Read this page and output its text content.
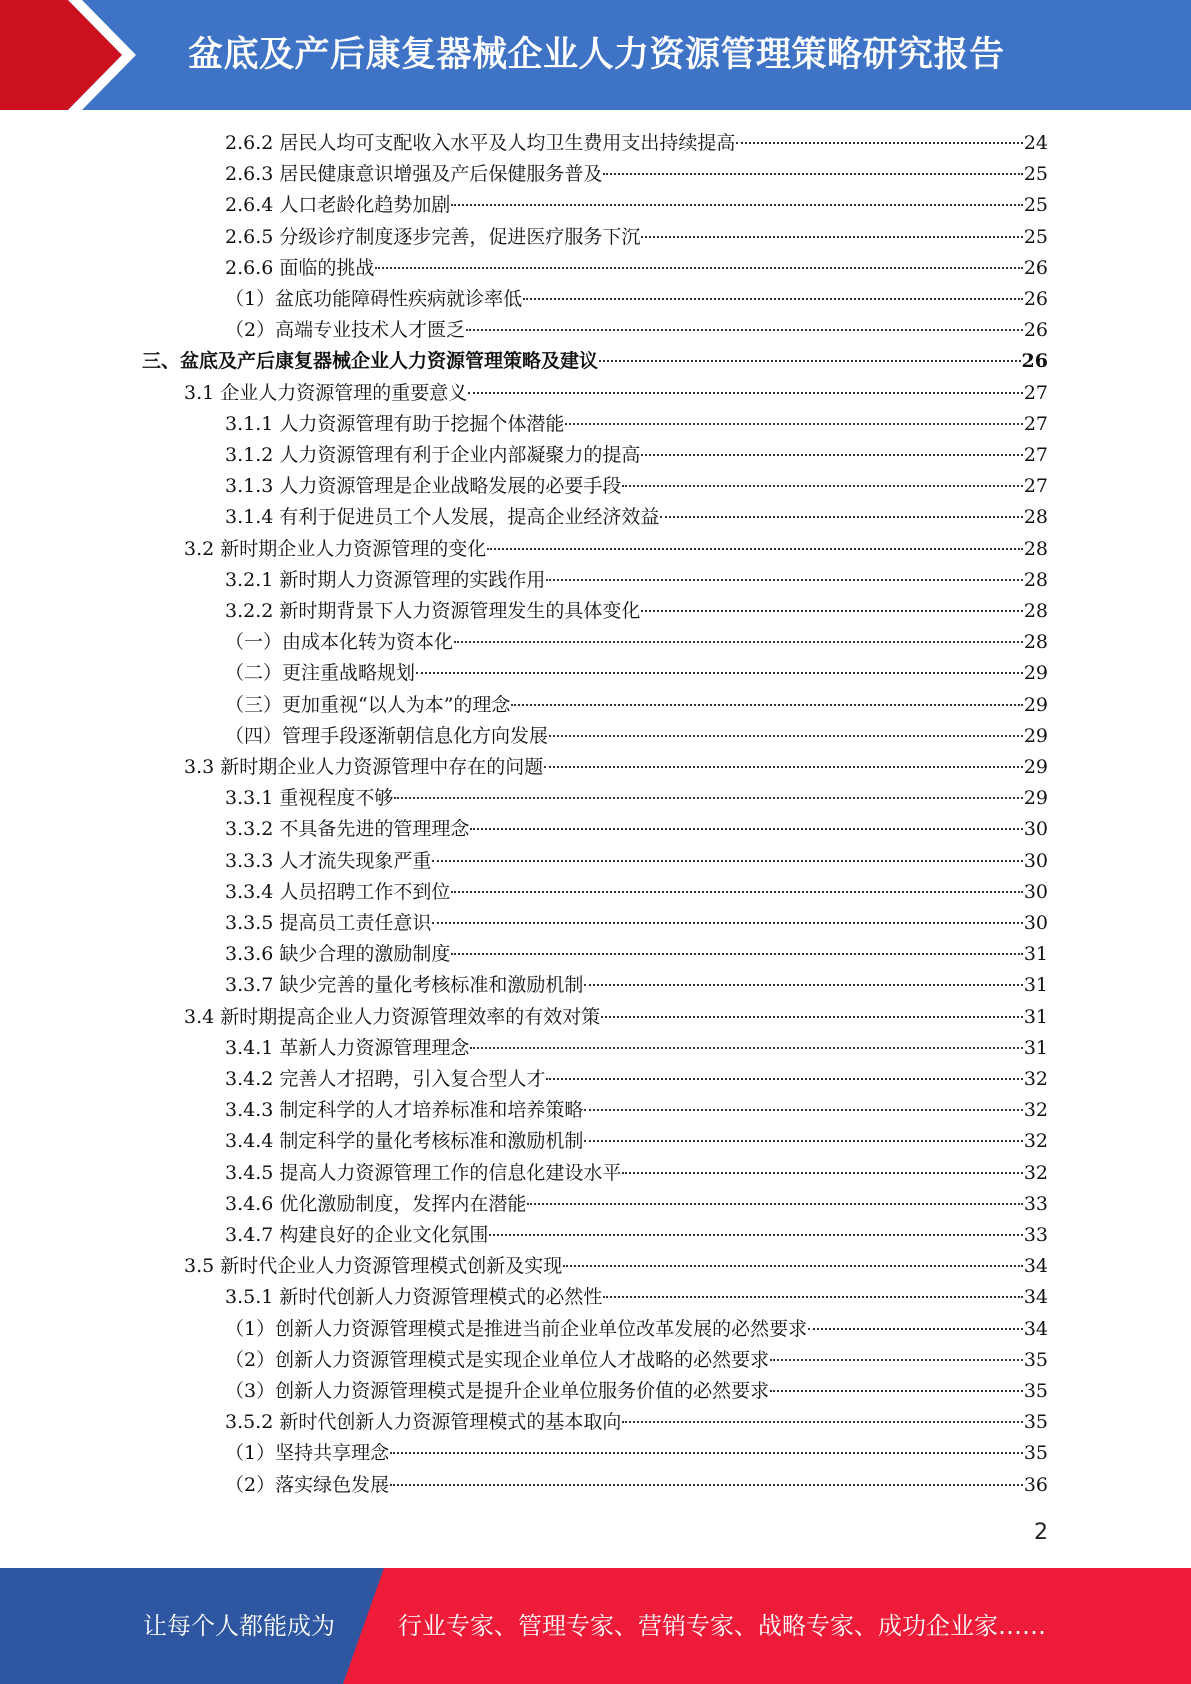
盆底及产后康复器械企业人力资源管理策略研究报告
2.6.2 居民人均可支配收入水平及人均卫生费用支出持续提高	24
2.6.3 居民健康意识增强及产后保健服务普及	25
2.6.4 人口老龄化趋势加剧	25
2.6.5 分级诊疗制度逐步完善，促进医疗服务下沉	25
2.6.6 面临的挑战	26
（1）盆底功能障碍性疾病就诊率低	26
（2）高端专业技术人才匮乏	26
三、盆底及产后康复器械企业人力资源管理策略及建议	26
3.1 企业人力资源管理的重要意义	27
3.1.1 人力资源管理有助于挖掘个体潜能	27
3.1.2 人力资源管理有利于企业内部凝聚力的提高	27
3.1.3 人力资源管理是企业战略发展的必要手段	27
3.1.4 有利于促进员工个人发展，提高企业经济效益	28
3.2 新时期企业人力资源管理的变化	28
3.2.1 新时期人力资源管理的实践作用	28
3.2.2 新时期背景下人力资源管理发生的具体变化	28
（一）由成本化转为资本化	28
（二）更注重战略规划	29
（三）更加重视“以人为本”的理念	29
（四）管理手段逐渐朝信息化方向发展	29
3.3 新时期企业人力资源管理中存在的问题	29
3.3.1 重视程度不够	29
3.3.2 不具备先进的管理理念	30
3.3.3 人才流失现象严重	30
3.3.4 人员招聘工作不到位	30
3.3.5 提高员工责任意识	30
3.3.6 缺少合理的激励制度	31
3.3.7 缺少完善的量化考核标准和激励机制	31
3.4 新时期提高企业人力资源管理效率的有效对策	31
3.4.1 革新人力资源管理理念	31
3.4.2 完善人才招聘，引入复合型人才	32
3.4.3 制定科学的人才培养标准和培养策略	32
3.4.4 制定科学的量化考核标准和激励机制	32
3.4.5 提高人力资源管理工作的信息化建设水平	32
3.4.6 优化激励制度，发挥内在潜能	33
3.4.7 构建良好的企业文化氛围	33
3.5 新时代企业人力资源管理模式创新及实现	34
3.5.1 新时代创新人力资源管理模式的必然性	34
（1）创新人力资源管理模式是推进当前企业单位改革发展的必然要求	34
（2）创新人力资源管理模式是实现企业单位人才战略的必然要求	35
（3）创新人力资源管理模式是提升企业单位服务价值的必然要求	35
3.5.2 新时代创新人力资源管理模式的基本取向	35
（1）坚持共享理念	35
（2）落实绿色发展	36
2
让每个人都能成为	行业专家、管理专家、营销专家、战略专家、成功企业家……
